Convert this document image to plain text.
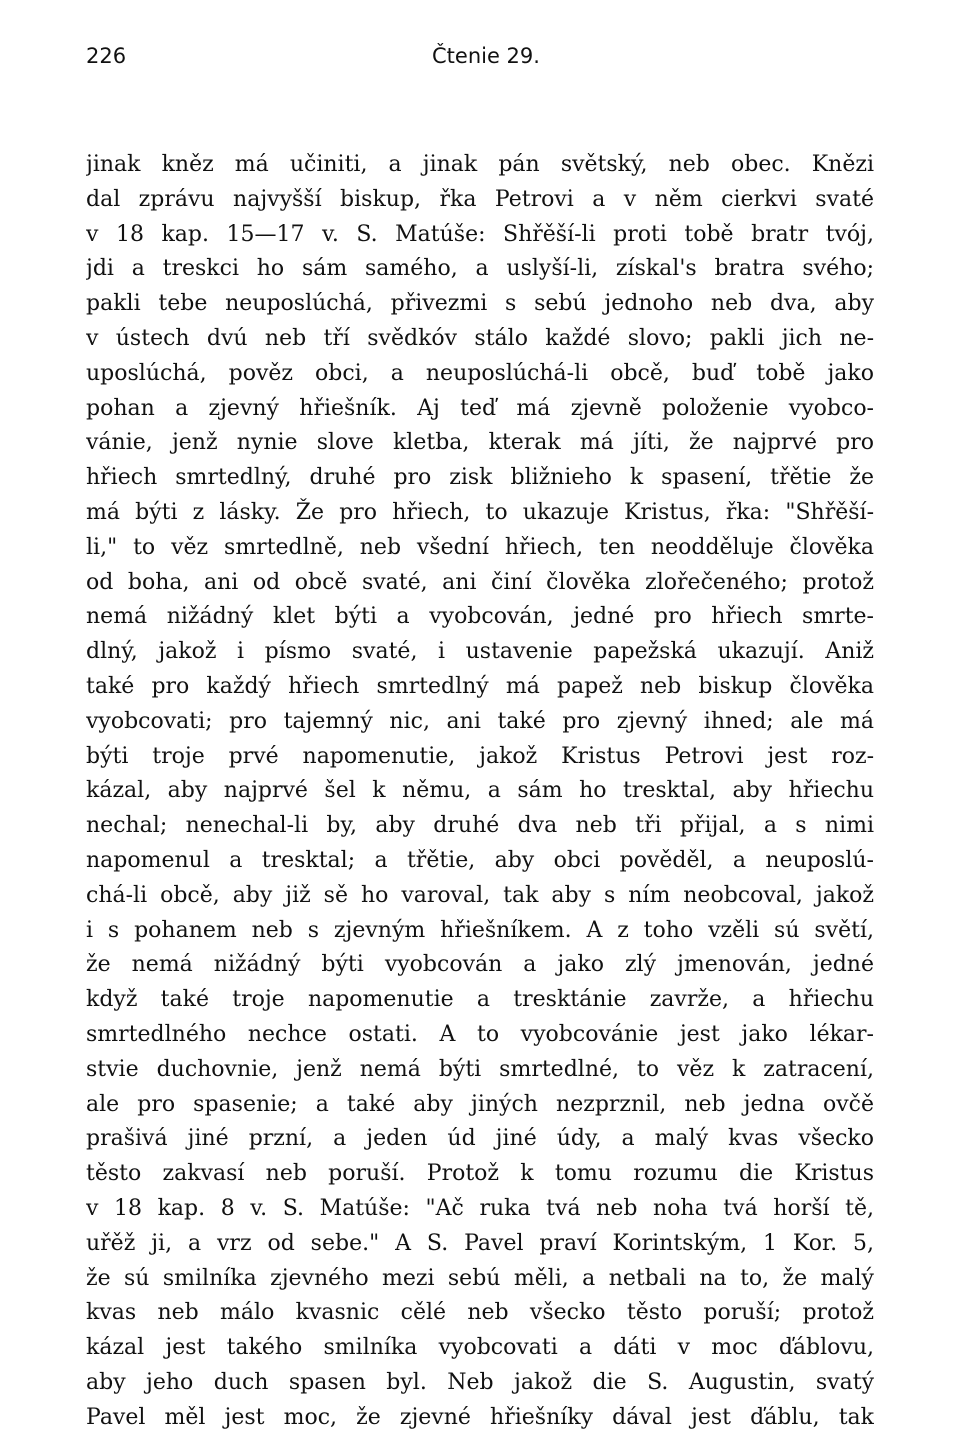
226	Čtenie 29.
jinak kněz má učiniti, a jinak pán světský, neb obec. Knězi
dal zprávu najvyšší biskup, řka Petrovi a v něm cierkvi svaté
v 18 kap. 15—17 v. S. Matúše: Shřěší-li proti tobě bratr tvój,
jdi a treskci ho sám samého, a uslyší-li, získal's bratra svého;
pakli tebe neuposlúchá, přivezmi s sebú jednoho neb dva, aby
v ústech dvú neb tří svědkóv stálo každé slovo; pakli jich ne-
uposlúchá, pověz obci, a neuposlúchá-li obcě, buď tobě jako
pohan a zjevný hřiešník. Aj teď má zjevně položenie vyobco-
vánie, jenž nynie slove kletba, kterak má jíti, že najprvé pro
hřiech smrtedlný, druhé pro zisk bližnieho k spasení, třětie že
má býti z lásky. Že pro hřiech, to ukazuje Kristus, řka: "Shřěší-
li," to věz smrtedlně, neb všední hřiech, ten neodděluje člověka
od boha, ani od obcě svaté, ani činí člověka zlořečeného; protož
nemá nižádný klet býti a vyobcován, jedné pro hřiech smrte-
dlný, jakož i písmo svaté, i ustavenie papežská ukazují. Aniž
také pro každý hřiech smrtedlný má papež neb biskup člověka
vyobcovati; pro tajemný nic, ani také pro zjevný ihned; ale má
býti troje prvé napomenutie, jakož Kristus Petrovi jest roz-
kázal, aby najprvé šel k němu, a sám ho tresktal, aby hřiechu
nechal; nenechal-li by, aby druhé dva neb tři přijal, a s nimi
napomenul a tresktal; a třětie, aby obci pověděl, a neuposlú-
chá-li obcě, aby již sě ho varoval, tak aby s ním neobcoval, jakož
i s pohanem neb s zjevným hřiešníkem. A z toho vzěli sú světí,
že nemá nižádný býti vyobcován a jako zlý jmenován, jedné
když také troje napomenutie a tresktánie zavrže, a hřiechu
smrtedlného nechce ostati. A to vyobcovánie jest jako lékar-
stvie duchovnie, jenž nemá býti smrtedlné, to věz k zatracení,
ale pro spasenie; a také aby jiných nezprznil, neb jedna ovčě
prašivá jiné przní, a jeden úd jiné údy, a malý kvas všecko
těsto zakvasí neb poruší. Protož k tomu rozumu die Kristus
v 18 kap. 8 v. S. Matúše: "Ač ruka tvá neb noha tvá horší tě,
uřěž ji, a vrz od sebe." A S. Pavel praví Korintským, 1 Kor. 5,
že sú smilníka zjevného mezi sebú měli, a netbali na to, že malý
kvas neb málo kvasnic cělé neb všecko těsto poruší; protož
kázal jest takého smilníka vyobcovati a dáti v moc ďáblovu,
aby jeho duch spasen byl. Neb jakož die S. Augustin, svatý
Pavel měl jest moc, že zjevné hřiešníky dával jest ďáblu, tak
